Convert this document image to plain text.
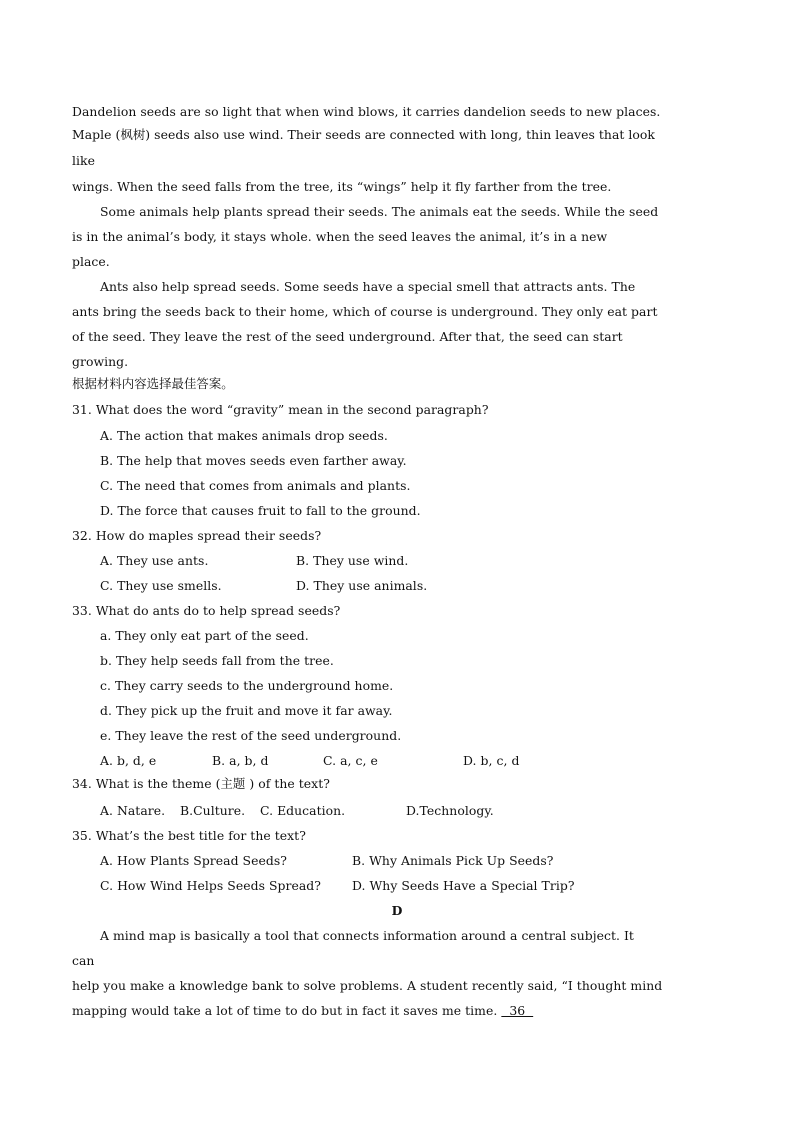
Dandelion seeds are so light that when wind blows, it carries dandelion seeds to new places.
Maple (枫树) seeds also use wind. Their seeds are connected with long, thin leaves that look
like
wings. When the seed falls from the tree, its “wings” help it fly farther from the tree.
Some animals help plants spread their seeds. The animals eat the seeds. While the seed
is in the animal’s body, it stays whole. when the seed leaves the animal, it’s in a new
place.
Ants also help spread seeds. Some seeds have a special smell that attracts ants. The
ants bring the seeds back to their home, which of course is underground. They only eat part
of the seed. They leave the rest of the seed underground. After that, the seed can start
growing.
根据材料内容选择最佳答案。
31. What does the word “gravity” mean in the second paragraph?
A. The action that makes animals drop seeds.
B. The help that moves seeds even farther away.
C. The need that comes from animals and plants.
D. The force that causes fruit to fall to the ground.
32. How do maples spread their seeds?
A. They use ants.	B. They use wind.
C. They use smells.	D. They use animals.
33. What do ants do to help spread seeds?
a. They only eat part of the seed.
b. They help seeds fall from the tree.
c. They carry seeds to the underground home.
d. They pick up the fruit and move it far away.
e. They leave the rest of the seed underground.
A. b, d, e	B. a, b, d	C. a, c, e	D. b, c, d
34. What is the theme (主题 ) of the text?
A. Natare. B.Culture. C. Education.	D.Technology.
35. What’s the best title for the text?
A. How Plants Spread Seeds?	B. Why Animals Pick Up Seeds?
C. How Wind Helps Seeds Spread?	D. Why Seeds Have a Special Trip?
D
A mind map is basically a tool that connects information around a central subject. It
can
help you make a knowledge bank to solve problems. A student recently said, “I thought mind
mapping would take a lot of time to do but in fact it saves me time.   36
